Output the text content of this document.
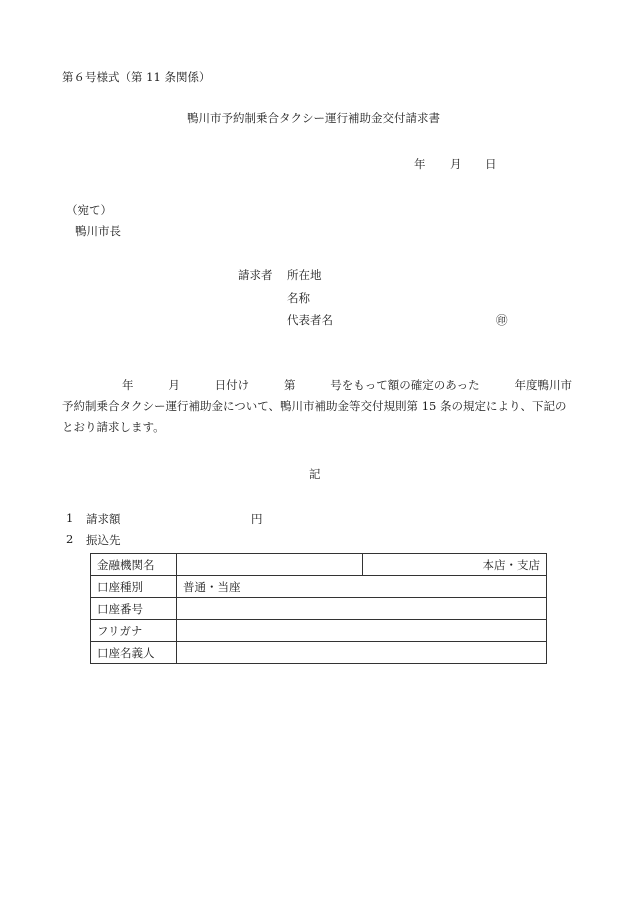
第６号様式（第 11 条関係）
鴨川市予約制乗合タクシー運行補助金交付請求書
年 月 日
（宛て）
鴨川市長
請求者 所在地
名称
代表者名	㊞
年	月	日付け	第	号をもって額の確定のあった	年度鴨川市
予約制乗合タクシー運行補助金について、鴨川市補助金等交付規則第 15 条の規定により、下記の
とおり請求します。
記
1 請求額	円
2 振込先
金融機関名		本店・支店
口座種別	普通・当座	
口座番号		
フリガナ		
口座名義人		
